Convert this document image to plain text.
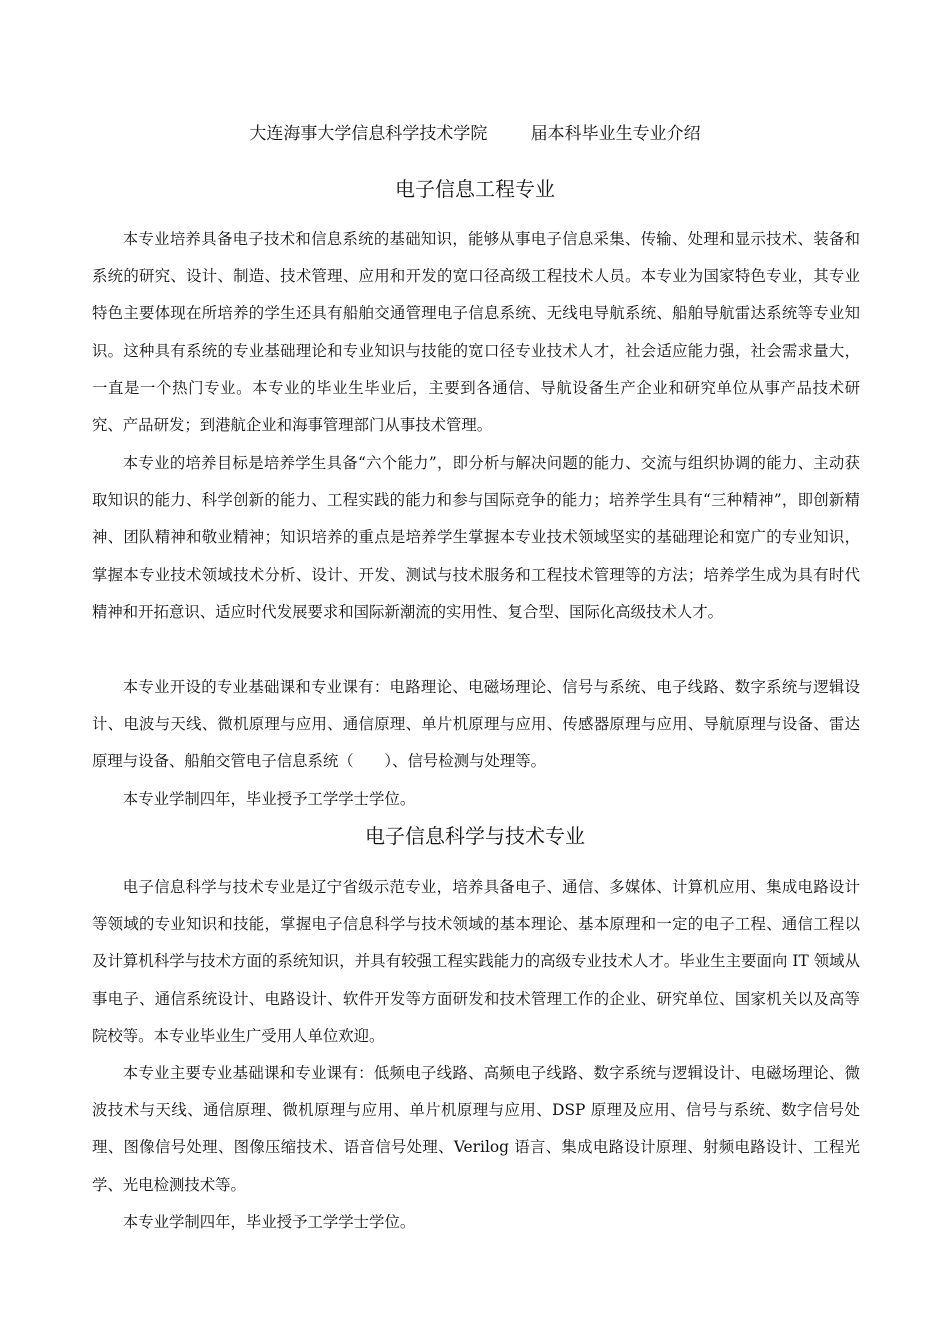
大连海事大学信息科学技术学院	届本科毕业生专业介绍
电子信息工程专业

本专业培养具备电子技术和信息系统的基础知识，能够从事电子信息采集、传输、处理和显示技术、装备和系统的研究、设计、制造、技术管理、应用和开发的宽口径高级工程技术人员。本专业为国家特色专业，其专业特色主要体现在所培养的学生还具有船舶交通管理电子信息系统、无线电导航系统、船舶导航雷达系统等专业知识。这种具有系统的专业基础理论和专业知识与技能的宽口径专业技术人才，社会适应能力强，社会需求量大，一直是一个热门专业。本专业的毕业生毕业后，主要到各通信、导航设备生产企业和研究单位从事产品技术研究、产品研发；到港航企业和海事管理部门从事技术管理。

本专业的培养目标是培养学生具备“六个能力”，即分析与解决问题的能力、交流与组织协调的能力、主动获取知识的能力、科学创新的能力、工程实践的能力和参与国际竞争的能力；培养学生具有“三种精神”，即创新精神、团队精神和敬业精神；知识培养的重点是培养学生掌握本专业技术领域坚实的基础理论和宽广的专业知识，掌握本专业技术领域技术分析、设计、开发、测试与技术服务和工程技术管理等的方法；培养学生成为具有时代精神和开拓意识、适应时代发展要求和国际新潮流的实用性、复合型、国际化高级技术人才。

本专业开设的专业基础课和专业课有：电路理论、电磁场理论、信号与系统、电子线路、数字系统与逻辑设计、电波与天线、微机原理与应用、通信原理、单片机原理与应用、传感器原理与应用、导航原理与设备、雷达原理与设备、船舶交管电子信息系统（　　）、信号检测与处理等。

本专业学制四年，毕业授予工学学士学位。

电子信息科学与技术专业

电子信息科学与技术专业是辽宁省级示范专业，培养具备电子、通信、多媒体、计算机应用、集成电路设计等领域的专业知识和技能，掌握电子信息科学与技术领域的基本理论、基本原理和一定的电子工程、通信工程以及计算机科学与技术方面的系统知识，并具有较强工程实践能力的高级专业技术人才。毕业生主要面向 IT 领域从事电子、通信系统设计、电路设计、软件开发等方面研发和技术管理工作的企业、研究单位、国家机关以及高等院校等。本专业毕业生广受用人单位欢迎。

本专业主要专业基础课和专业课有：低频电子线路、高频电子线路、数字系统与逻辑设计、电磁场理论、微波技术与天线、通信原理、微机原理与应用、单片机原理与应用、DSP 原理及应用、信号与系统、数字信号处理、图像信号处理、图像压缩技术、语音信号处理、Verilog 语言、集成电路设计原理、射频电路设计、工程光学、光电检测技术等。

本专业学制四年，毕业授予工学学士学位。
